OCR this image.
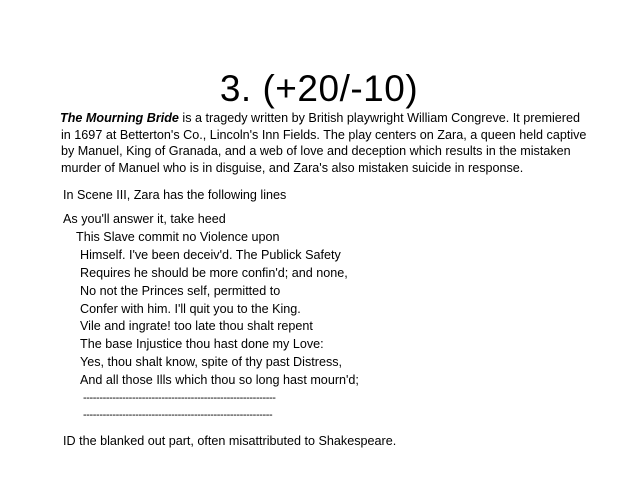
3. (+20/-10)

The Mourning Bride is a tragedy written by British playwright William Congreve. It premiered
in 1697 at Betterton's Co., Lincoln's Inn Fields. The play centers on Zara, a queen held captive
by Manuel, King of Granada, and a web of love and deception which results in the mistaken
murder of Manuel who is in disguise, and Zara's also mistaken suicide in response.

In Scene III, Zara has the following lines

As you'll answer it, take heed
This Slave commit no Violence upon
Himself. I've been deceiv'd. The Publick Safety
Requires he should be more confin'd; and none,
No not the Princes self, permitted to
Confer with him. I'll quit you to the King.
Vile and ingrate! too late thou shalt repent
The base Injustice thou hast done my Love:
Yes, thou shalt know, spite of thy past Distress,
And all those Ills which thou so long hast mourn'd;
-----------------------------------------------------------
----------------------------------------------------------

ID the blanked out part, often misattributed to Shakespeare.
